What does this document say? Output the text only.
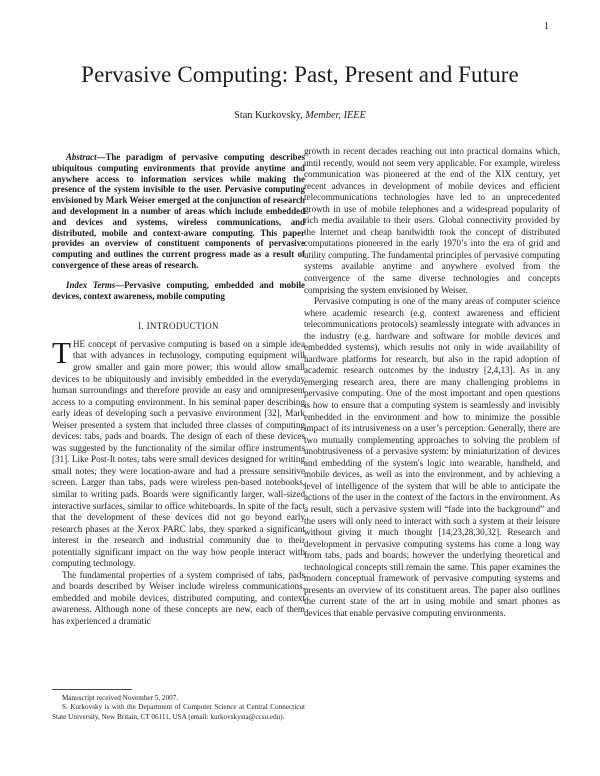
1
Pervasive Computing: Past, Present and Future
Stan Kurkovsky, Member, IEEE

Abstract—The paradigm of pervasive computing describes ubiquitous computing environments that provide anytime and anywhere access to information services while making the presence of the system invisible to the user. Pervasive computing envisioned by Mark Weiser emerged at the conjunction of research and development in a number of areas which include embedded and devices and systems, wireless communications, and distributed, mobile and context-aware computing. This paper provides an overview of constituent components of pervasive computing and outlines the current progress made as a result of convergence of these areas of research.

Index Terms—Pervasive computing, embedded and mobile devices, context awareness, mobile computing

I. INTRODUCTION

THE concept of pervasive computing is based on a simple idea that with advances in technology, computing equipment will grow smaller and gain more power; this would allow small devices to be ubiquitously and invisibly embedded in the everyday human surroundings and therefore provide an easy and omnipresent access to a computing environment. In his seminal paper describing early ideas of developing such a pervasive environment [32], Mark Weiser presented a system that included three classes of computing devices: tabs, pads and boards. The design of each of these devices was suggested by the functionality of the similar office instruments [31]. Like Post-It notes, tabs were small devices designed for writing small notes; they were location-aware and had a pressure sensitive screen. Larger than tabs, pads were wireless pen-based notebooks, similar to writing pads. Boards were significantly larger, wall-sized interactive surfaces, similar to office whiteboards. In spite of the fact that the development of these devices did not go beyond early research phases at the Xerox PARC labs, they sparked a significant interest in the research and industrial community due to their potentially significant impact on the way how people interact with computing technology.

The fundamental properties of a system comprised of tabs, pads and boards described by Weiser include wireless communications, embedded and mobile devices, distributed computing, and context awareness. Although none of these concepts are new, each of them has experienced a dramatic

growth in recent decades reaching out into practical domains which, until recently, would not seem very applicable. For example, wireless communication was pioneered at the end of the XIX century, yet recent advances in development of mobile devices and efficient telecommunications technologies have led to an unprecedented growth in use of mobile telephones and a widespread popularity of rich media available to their users. Global connectivity provided by the Internet and cheap bandwidth took the concept of distributed computations pioneered in the early 1970’s into the era of grid and utility computing. The fundamental principles of pervasive computing systems available anytime and anywhere evolved from the convergence of the same diverse technologies and concepts comprising the system envisioned by Weiser.

Pervasive computing is one of the many areas of computer science where academic research (e.g. context awareness and efficient telecommunications protocols) seamlessly integrate with advances in the industry (e.g. hardware and software for mobile devices and embedded systems), which results not only in wide availability of hardware platforms for research, but also in the rapid adoption of academic research outcomes by the industry [2,4,13]. As in any emerging research area, there are many challenging problems in pervasive computing. One of the most important and open questions is how to ensure that a computing system is seamlessly and invisibly embedded in the environment and how to minimize the possible impact of its intrusiveness on a user’s perception. Generally, there are two mutually complementing approaches to solving the problem of unobtrusiveness of a pervasive system: by miniaturization of devices and embedding of the system's logic into wearable, handheld, and mobile devices, as well as into the environment, and by achieving a level of intelligence of the system that will be able to anticipate the actions of the user in the context of the factors in the environment. As a result, such a pervasive system will “fade into the background” and the users will only need to interact with such a system at their leisure without giving it much thought [14,23,28,30,32]. Research and development in pervasive computing systems has come a long way from tabs, pads and boards; however the underlying theoretical and technological concepts still remain the same. This paper examines the modern conceptual framework of pervasive computing systems and presents an overview of its constituent areas. The paper also outlines the current state of the art in using mobile and smart phones as devices that enable pervasive computing environments.

Manuscript received November 5, 2007.

S. Kurkovsky is with the Department of Computer Science at Central Connecticut State University, New Britain, CT 06111, USA (email: kurkovskysta@ccsu.edu).
